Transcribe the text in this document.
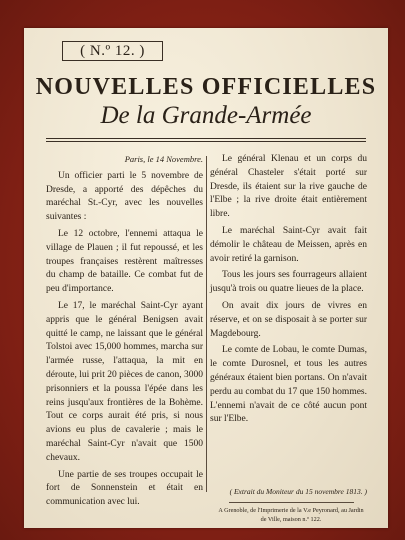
( N.º 12. )
NOUVELLES OFFICIELLES
De la Grande-Armée

Paris, le 14 Novembre.

Un officier parti le 5 novembre de Dresde, a apporté des dépêches du maréchal St.-Cyr, avec les nouvelles suivantes :

Le 12 octobre, l'ennemi attaqua le village de Plauen ; il fut repoussé, et les troupes françaises restèrent maîtresses du champ de bataille. Ce combat fut de peu d'importance.

Le 17, le maréchal Saint-Cyr ayant appris que le général Benigsen avait quitté le camp, ne laissant que le général Tolstoi avec 15,000 hommes, marcha sur l'armée russe, l'attaqua, la mit en déroute, lui prit 20 pièces de canon, 3000 prisonniers et la poussa l'épée dans les reins jusqu'aux frontières de la Bohème. Tout ce corps aurait été pris, si nous avions eu plus de cavalerie ; mais le maréchal Saint-Cyr n'avait que 1500 chevaux.

Une partie de ses troupes occupait le fort de Sonnenstein et était en communication avec lui.

Le général Klenau et un corps du général Chasteler s'était porté sur Dresde, ils étaient sur la rive gauche de l'Elbe ; la rive droite était entièrement libre.

Le maréchal Saint-Cyr avait fait démolir le château de Meissen, après en avoir retiré la garnison.

Tous les jours ses fourrageurs allaient jusqu'à trois ou quatre lieues de la place.

On avait dix jours de vivres en réserve, et on se disposait à se porter sur Magdebourg.

Le comte de Lobau, le comte Dumas, le comte Durosnel, et tous les autres généraux étaient bien portans. On n'avait perdu au combat du 17 que 150 hommes. L'ennemi n'avait de ce côté aucun pont sur l'Elbe.

( Extrait du Moniteur du 15 novembre 1813. )
A Grenoble, de l'Imprimerie de la V.e Peyronard, au Jardin de Ville, maison n.º 122.
